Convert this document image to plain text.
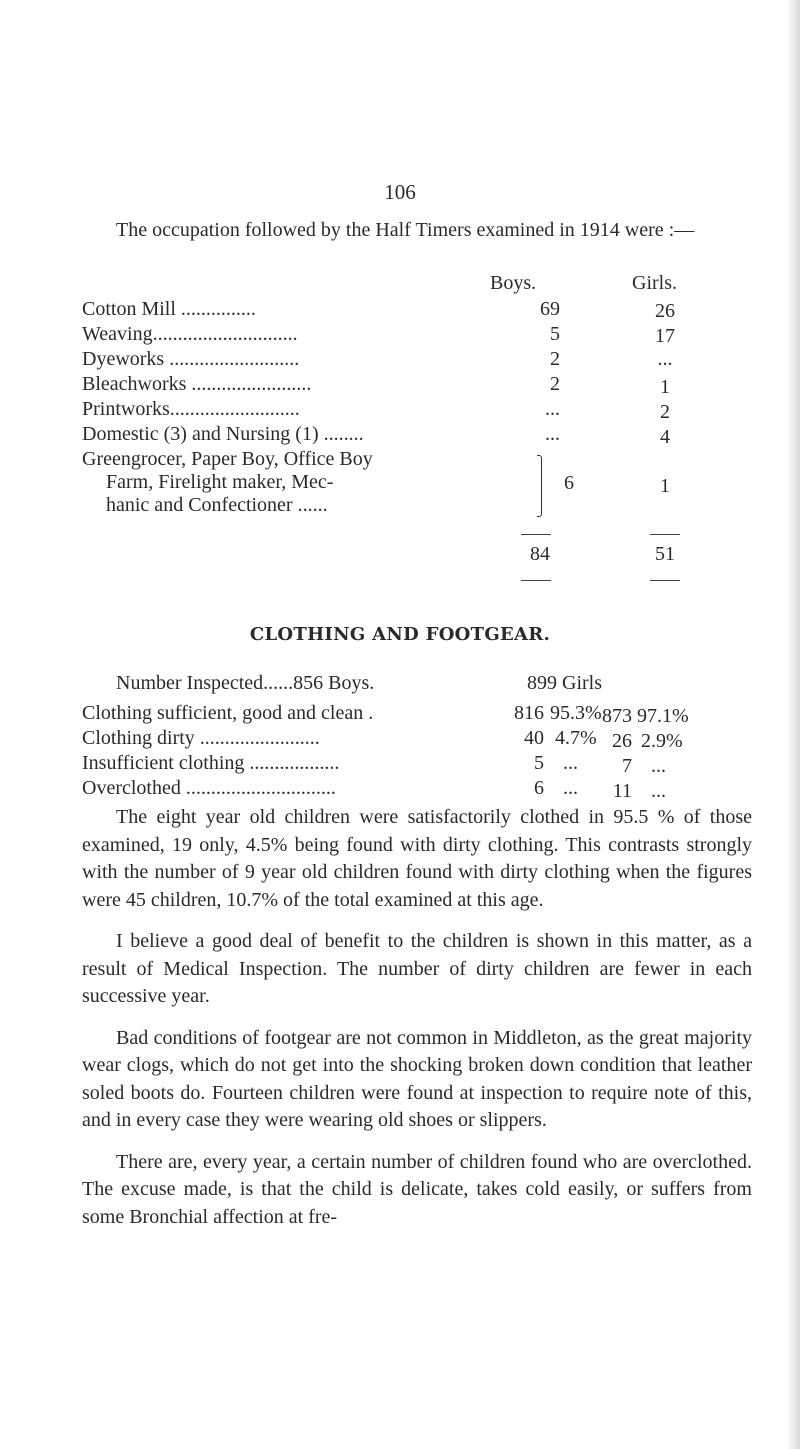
106
The occupation followed by the Half Timers examined in 1914 were :—
Boys.	Girls.
Cotton Mill ...............	69	26
Weaving.............................	5	17
Dyeworks ..........................	2	...
Bleachworks ........................	2	1
Printworks..........................	...	2
Domestic (3) and Nursing (1) ........	...	4
Greengrocer, Paper Boy, Office Boy
Farm, Firelight maker, Mec-
hanic and Confectioner ......
6	1
84	51
CLOTHING AND FOOTGEAR.
Number Inspected......856 Boys.	899 Girls
Clothing sufficient, good and clean .	816 95.3% 873 97.1%
Clothing dirty ........................	40 4.7% 26 2.9%
Insufficient clothing ..................	5 ...	7 ...
Overclothed ..............................	6 ...	11 ...

The eight year old children were satisfactorily clothed in 95.5 % of those examined, 19 only, 4.5% being found with dirty clothing. This contrasts strongly with the number of 9 year old children found with dirty clothing when the figures were 45 children, 10.7% of the total examined at this age.

I believe a good deal of benefit to the children is shown in this matter, as a result of Medical Inspection. The number of dirty children are fewer in each successive year.

Bad conditions of footgear are not common in Middleton, as the great majority wear clogs, which do not get into the shocking broken down condition that leather soled boots do. Fourteen children were found at inspection to require note of this, and in every case they were wearing old shoes or slippers.

There are, every year, a certain number of children found who are overclothed. The excuse made, is that the child is delicate, takes cold easily, or suffers from some Bronchial affection at fre-
